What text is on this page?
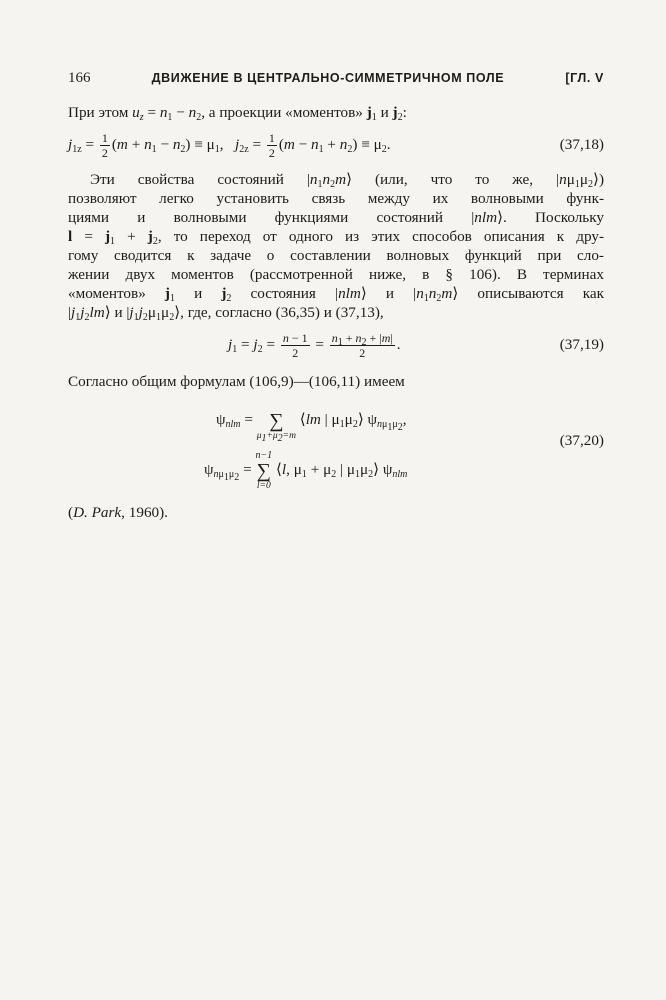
166	ДВИЖЕНИЕ В ЦЕНТРАЛЬНО-СИММЕТРИЧНОМ ПОЛЕ	[ГЛ. V
При этом $u_z = n_1 - n_2$, а проекции «моментов» $j_1$ и $j_2$:
$j_{1z} = \frac{1}{2} (m + n_1 - n_2) \equiv \mu_1$,   $j_{2z} = \frac{1}{2} (m - n_1 + n_2) \equiv \mu_2$.	(37,18)
Эти свойства состояний $|n_1n_2m⟩$ (или, что то же, $|n\mu_1\mu_2⟩$)
позволяют легко установить связь между их волновыми функ-
циями и волновыми функциями состояний |nlm⟩. Поскольку
$l = j_1 + j_2$, то переход от одного из этих способов описания к дру-
гому сводится к задаче о составлении волновых функций при сло-
жении двух моментов (рассмотренной ниже, в § 106). В терминах
«моментов» $j_1$ и $j_2$ состояния |nlm⟩ и $|n_1n_2m⟩$ описываются как
$|j_1j_2lm⟩$ и $|j_1j_2\mu_1\mu_2⟩$, где, согласно (36,35) и (37,13),
$j_1 = j_2 = \frac{n - 1}{2} = \frac{n_1 + n_2 + |m|}{2}$ .	(37,19)
Согласно общим формулам (106,9)—(106,11) имеем
$\psi_{nlm}$ =
∑
$\mu_1+\mu_2=m$
⟨lm | $\mu_1\mu_2⟩$ $\psi_{n\mu_1\mu_2}$,
$\psi_{n\mu_1\mu_2}$ =
n−1
∑
l=0
⟨l, $\mu_1 + \mu_2$ | $\mu_1\mu_2⟩$ $\psi_{nlm}$
(37,20)
(D. Park, 1960).
